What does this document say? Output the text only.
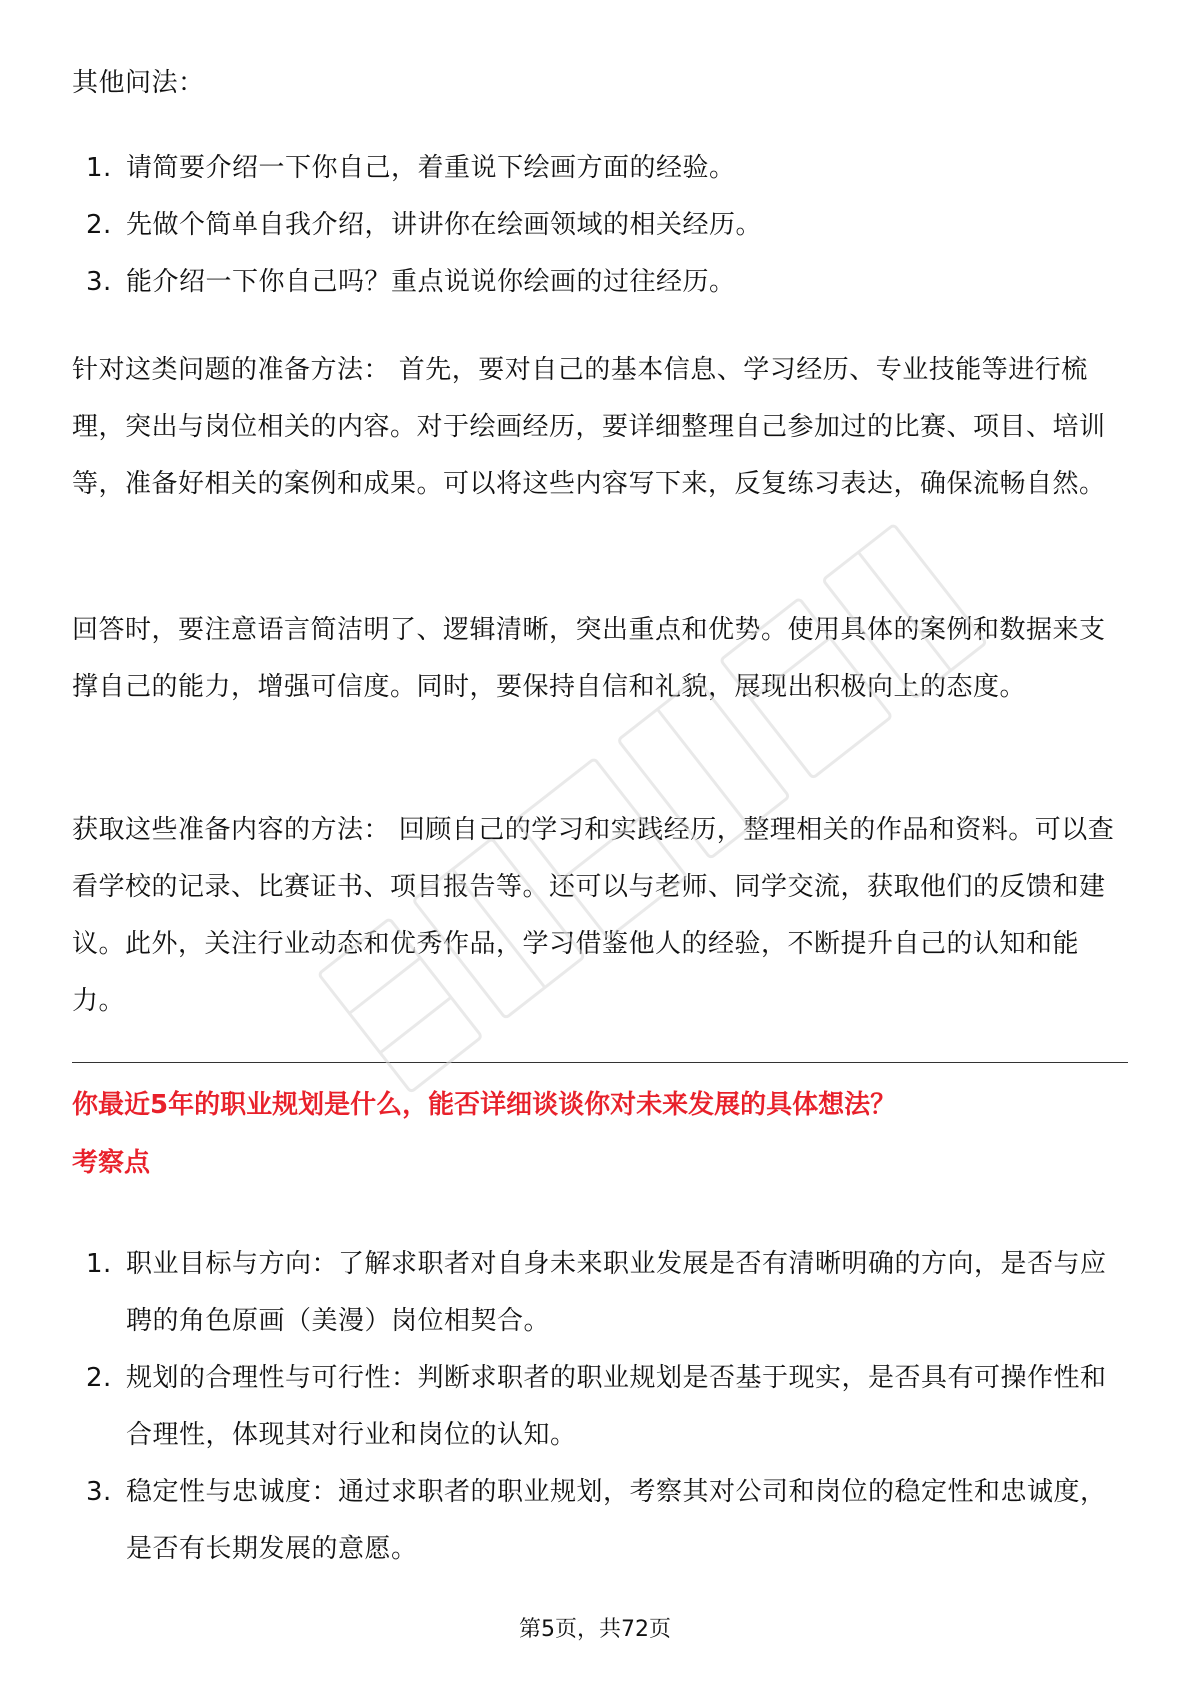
其他问法：

1. 请简要介绍一下你自己，着重说下绘画方面的经验。
2. 先做个简单自我介绍，讲讲你在绘画领域的相关经历。
3. 能介绍一下你自己吗？重点说说你绘画的过往经历。

针对这类问题的准备方法： 首先，要对自己的基本信息、学习经历、专业技能等进行梳理，突出与岗位相关的内容。对于绘画经历，要详细整理自己参加过的比赛、项目、培训等，准备好相关的案例和成果。可以将这些内容写下来，反复练习表达，确保流畅自然。

回答时，要注意语言简洁明了、逻辑清晰，突出重点和优势。使用具体的案例和数据来支撑自己的能力，增强可信度。同时，要保持自信和礼貌，展现出积极向上的态度。

获取这些准备内容的方法： 回顾自己的学习和实践经历，整理相关的作品和资料。可以查看学校的记录、比赛证书、项目报告等。还可以与老师、同学交流，获取他们的反馈和建议。此外，关注行业动态和优秀作品，学习借鉴他人的经验，不断提升自己的认知和能力。

你最近5年的职业规划是什么，能否详细谈谈你对未来发展的具体想法？

考察点

1. 职业目标与方向：了解求职者对自身未来职业发展是否有清晰明确的方向，是否与应聘的角色原画（美漫）岗位相契合。
2. 规划的合理性与可行性：判断求职者的职业规划是否基于现实，是否具有可操作性和合理性，体现其对行业和岗位的认知。
3. 稳定性与忠诚度：通过求职者的职业规划，考察其对公司和岗位的稳定性和忠诚度，是否有长期发展的意愿。
第5页，共72页
